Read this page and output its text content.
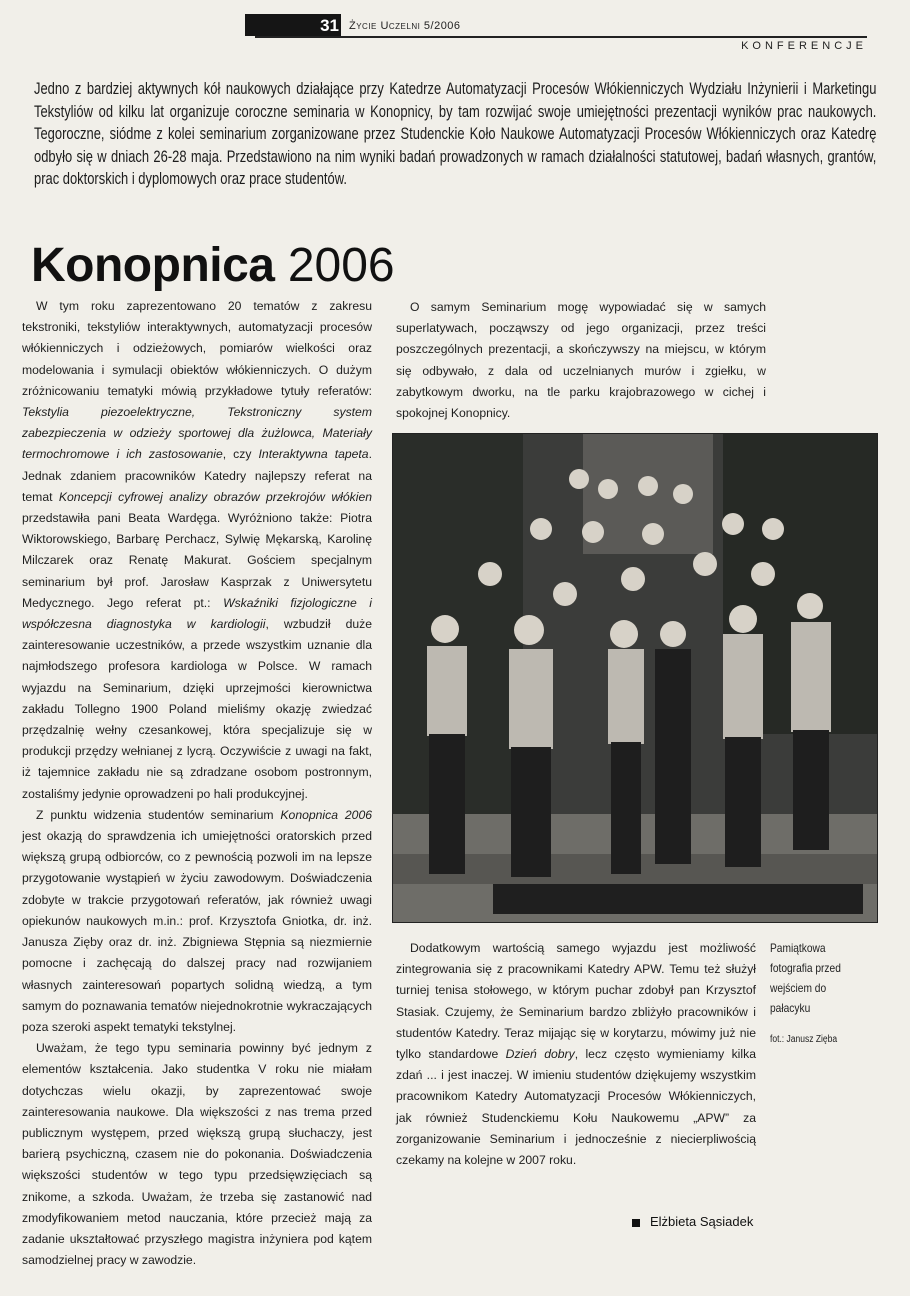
31 Życie Uczelni 5/2006
KONFERENCJE
Jedno z bardziej aktywnych kół naukowych działające przy Katedrze Automatyzacji Procesów Włókienniczych Wydziału Inżynierii i Marketingu Tekstyliów od kilku lat organizuje coroczne seminaria w Konopnicy, by tam rozwijać swoje umiejętności prezentacji wyników prac naukowych. Tegoroczne, siódme z kolei seminarium zorganizowane przez Studenckie Koło Naukowe Automatyzacji Procesów Włókienniczych oraz Katedrę odbyło się w dniach 26-28 maja. Przedstawiono na nim wyniki badań prowadzonych w ramach działalności statutowej, badań własnych, grantów, prac doktorskich i dyplomowych oraz prace studentów.
Konopnica 2006

W tym roku zaprezentowano 20 tematów z zakresu tekstroniki, tekstyliów interaktywnych, automatyzacji procesów włókienniczych i odzieżowych, pomiarów wielkości oraz modelowania i symulacji obiektów włókienniczych. O dużym zróżnicowaniu tematyki mówią przykładowe tytuły referatów: Tekstylia piezoelektryczne, Tekstroniczny system zabezpieczenia w odzieży sportowej dla żużlowca, Materiały termochromowe i ich zastosowanie, czy Interaktywna tapeta. Jednak zdaniem pracowników Katedry najlepszy referat na temat Koncepcji cyfrowej analizy obrazów przekrojów włókien przedstawiła pani Beata Wardęga. Wyróżniono także: Piotra Wiktorowskiego, Barbarę Perchacz, Sylwię Mękarską, Karolinę Milczarek oraz Renatę Makurat. Gościem specjalnym seminarium był prof. Jarosław Kasprzak z Uniwersytetu Medycznego. Jego referat pt.: Wskaźniki fizjologiczne i współczesna diagnostyka w kardiologii, wzbudził duże zainteresowanie uczestników, a przede wszystkim uznanie dla najmłodszego profesora kardiologa w Polsce. W ramach wyjazdu na Seminarium, dzięki uprzejmości kierownictwa zakładu Tollegno 1900 Poland mieliśmy okazję zwiedzać przędzalnię wełny czesankowej, która specjalizuje się w produkcji przędzy wełnianej z lycrą. Oczywiście z uwagi na fakt, iż tajemnice zakładu nie są zdradzane osobom postronnym, zostaliśmy jedynie oprowadzeni po hali produkcyjnej.

Z punktu widzenia studentów seminarium Konopnica 2006 jest okazją do sprawdzenia ich umiejętności oratorskich przed większą grupą odbiorców, co z pewnością pozwoli im na lepsze przygotowanie wystąpień w życiu zawodowym. Doświadczenia zdobyte w trakcie przygotowań referatów, jak również uwagi opiekunów naukowych m.in.: prof. Krzysztofa Gniotka, dr. inż. Janusza Zięby oraz dr. inż. Zbigniewa Stępnia są niezmiernie pomocne i zachęcają do dalszej pracy nad rozwijaniem własnych zainteresowań popartych solidną wiedzą, a tym samym do poznawania tematów niejednokrotnie wykraczających poza szeroki aspekt tematyki tekstylnej.

Uważam, że tego typu seminaria powinny być jednym z elementów kształcenia. Jako studentka V roku nie miałam dotychczas wielu okazji, by zaprezentować swoje zainteresowania naukowe. Dla większości z nas trema przed publicznym występem, przed większą grupą słuchaczy, jest barierą psychiczną, czasem nie do pokonania. Doświadczenia większości studentów w tego typu przedsięwzięciach są znikome, a szkoda. Uważam, że trzeba się zastanowić nad zmodyfikowaniem metod nauczania, które przecież mają za zadanie ukształtować przyszłego magistra inżyniera pod kątem samodzielnej pracy w zawodzie.

O samym Seminarium mogę wypowiadać się w samych superlatywach, począwszy od jego organizacji, przez treści poszczególnych prezentacji, a skończywszy na miejscu, w którym się odbywało, z dala od uczelnianych murów i zgiełku, w zabytkowym dworku, na tle parku krajobrazowego w cichej i spokojnej Konopnicy.

Dodatkowym wartością samego wyjazdu jest możliwość zintegrowania się z pracownikami Katedry APW. Temu też służył turniej tenisa stołowego, w którym puchar zdobył pan Krzysztof Stasiak. Czujemy, że Seminarium bardzo zbliżyło pracowników i studentów Katedry. Teraz mijając się w korytarzu, mówimy już nie tylko standardowe Dzień dobry, lecz często wymieniamy kilka zdań ... i jest inaczej. W imieniu studentów dziękujemy wszystkim pracownikom Katedry Automatyzacji Procesów Włókienniczych, jak również Studenckiemu Kołu Naukowemu „APW” za zorganizowanie Seminarium i jednocześnie z niecierpliwością czekamy na kolejne w 2007 roku.

Pamiątkowa fotografia przed wejściem do pałacyku
fot.: Janusz Zięba
Elżbieta Sąsiadek
